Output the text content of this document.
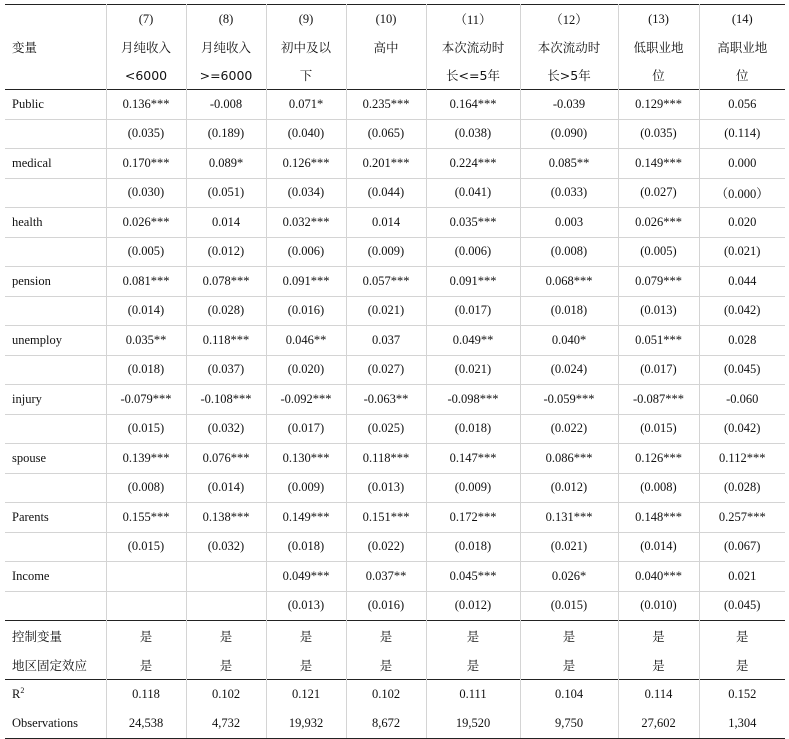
	(7)	(8)	(9)	(10)	（11）	（12）	(13)	(14)
变量	月纯收入	月纯收入	初中及以	高中	本次流动时	本次流动时	低职业地	高职业地
	<6000	>=6000	下		长<=5年	长>5年	位	位
Public	0.136***	-0.008	0.071*	0.235***	0.164***	-0.039	0.129***	0.056
	(0.035)	(0.189)	(0.040)	(0.065)	(0.038)	(0.090)	(0.035)	(0.114)
medical	0.170***	0.089*	0.126***	0.201***	0.224***	0.085**	0.149***	0.000
	(0.030)	(0.051)	(0.034)	(0.044)	(0.041)	(0.033)	(0.027)	（0.000）
health	0.026***	0.014	0.032***	0.014	0.035***	0.003	0.026***	0.020
	(0.005)	(0.012)	(0.006)	(0.009)	(0.006)	(0.008)	(0.005)	(0.021)
pension	0.081***	0.078***	0.091***	0.057***	0.091***	0.068***	0.079***	0.044
	(0.014)	(0.028)	(0.016)	(0.021)	(0.017)	(0.018)	(0.013)	(0.042)
unemploy	0.035**	0.118***	0.046**	0.037	0.049**	0.040*	0.051***	0.028
	(0.018)	(0.037)	(0.020)	(0.027)	(0.021)	(0.024)	(0.017)	(0.045)
injury	-0.079***	-0.108***	-0.092***	-0.063**	-0.098***	-0.059***	-0.087***	-0.060
	(0.015)	(0.032)	(0.017)	(0.025)	(0.018)	(0.022)	(0.015)	(0.042)
spouse	0.139***	0.076***	0.130***	0.118***	0.147***	0.086***	0.126***	0.112***
	(0.008)	(0.014)	(0.009)	(0.013)	(0.009)	(0.012)	(0.008)	(0.028)
Parents	0.155***	0.138***	0.149***	0.151***	0.172***	0.131***	0.148***	0.257***
	(0.015)	(0.032)	(0.018)	(0.022)	(0.018)	(0.021)	(0.014)	(0.067)
Income			0.049***	0.037**	0.045***	0.026*	0.040***	0.021
			(0.013)	(0.016)	(0.012)	(0.015)	(0.010)	(0.045)
控制变量	是	是	是	是	是	是	是	是
地区固定效应	是	是	是	是	是	是	是	是
$R^2$	0.118	0.102	0.121	0.102	0.111	0.104	0.114	0.152
Observations	24,538	4,732	19,932	8,672	19,520	9,750	27,602	1,304
